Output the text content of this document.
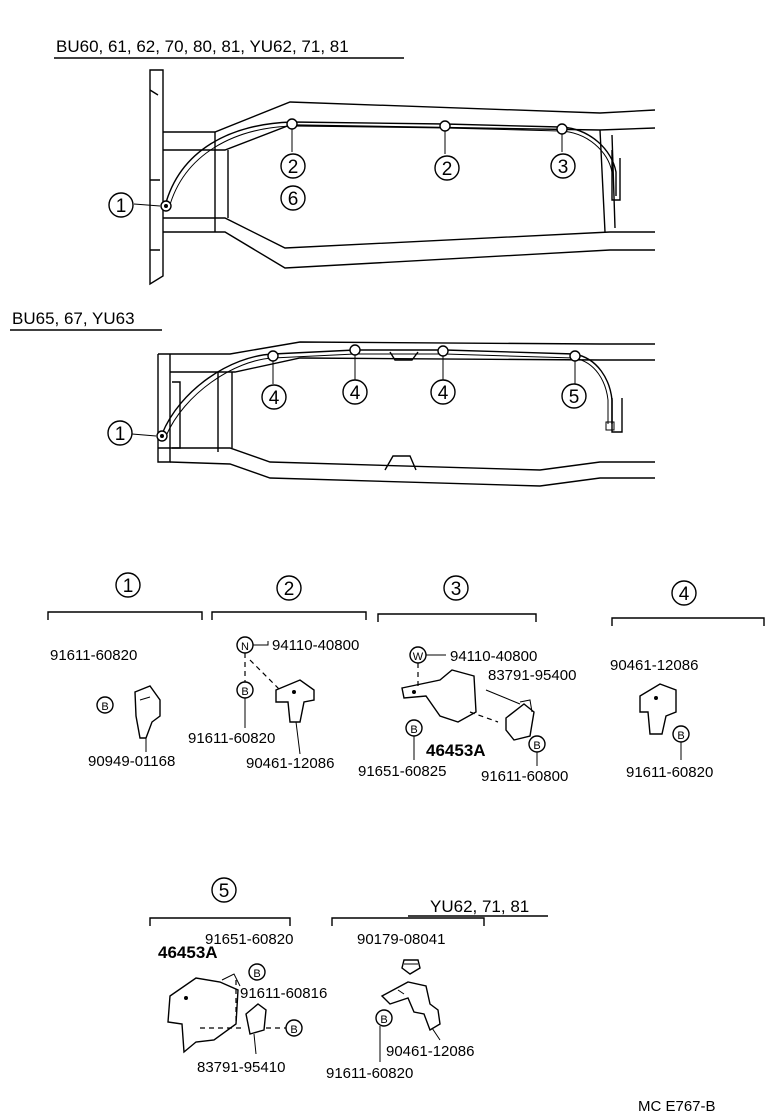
BU60, 61, 62, 70, 80, 81, YU62, 71, 81
1
2
6
2	3
BU65, 67, YU63
1
4	4	4	5
1
91611-60820
B
90949-01168
2
N 94110-40800
B
91611-60820
90461-12086
3
W 94110-40800
83791-95400
B
46453A
91651-60825
B
91611-60800
4
90461-12086
B
91611-60820
5
91651-60820
46453A
B
91611-60816
B
83791-95410
YU62, 71, 81
90179-08041
90461-12086
B
91611-60820
MC E767-B
